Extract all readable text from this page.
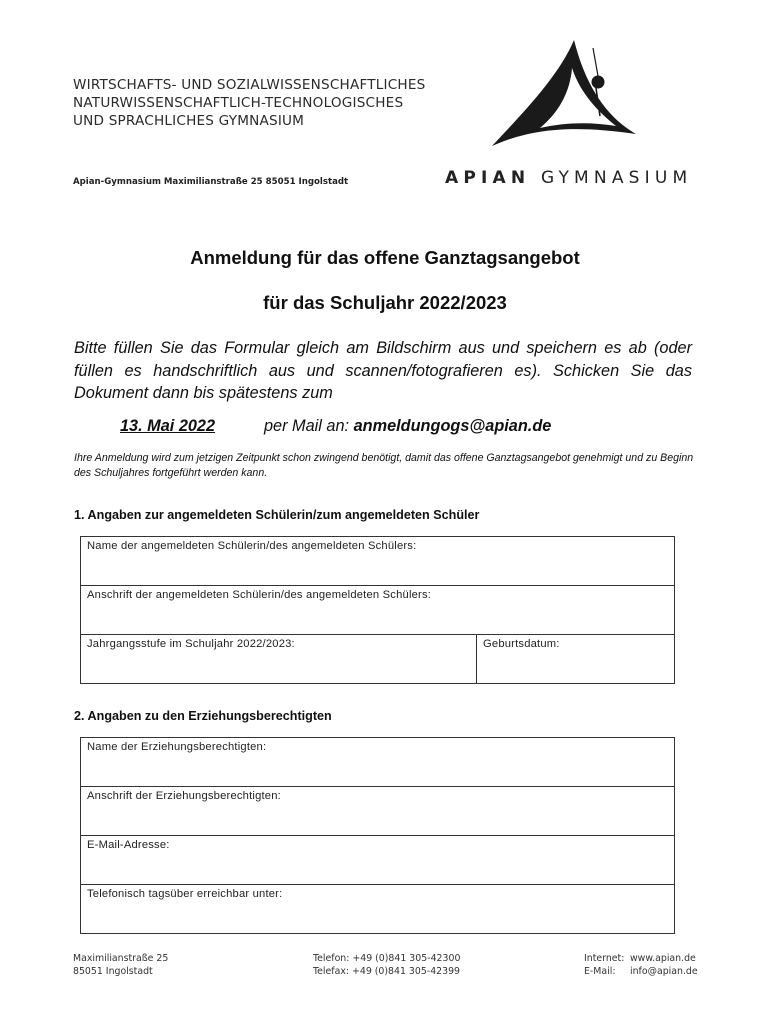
WIRTSCHAFTS- UND SOZIALWISSENSCHAFTLICHES
NATURWISSENSCHAFTLICH-TECHNOLOGISCHES
UND SPRACHLICHES GYMNASIUM
Apian-Gymnasium Maximilianstraße 25 85051 Ingolstadt	APIAN GYMNASIUM
Anmeldung für das offene Ganztagsangebot
für das Schuljahr 2022/2023
Bitte füllen Sie das Formular gleich am Bildschirm aus und speichern es ab (oder füllen es handschriftlich aus und scannen/fotografieren es). Schicken Sie das Dokument dann bis spätestens zum
13. Mai 2022	per Mail an: anmeldungogs@apian.de
Ihre Anmeldung wird zum jetzigen Zeitpunkt schon zwingend benötigt, damit das offene Ganztagsangebot genehmigt und zu Beginn des Schuljahres fortgeführt werden kann.
1. Angaben zur angemeldeten Schülerin/zum angemeldeten Schüler
Name der angemeldeten Schülerin/des angemeldeten Schülers:
Anschrift der angemeldeten Schülerin/des angemeldeten Schülers:
Jahrgangsstufe im Schuljahr 2022/2023:	Geburtsdatum:
2. Angaben zu den Erziehungsberechtigten
Name der Erziehungsberechtigten:
Anschrift der Erziehungsberechtigten:
E-Mail-Adresse:
Telefonisch tagsüber erreichbar unter:
Maximilianstraße 25
85051 Ingolstadt
Telefon: +49 (0)841 305-42300
Telefax: +49 (0)841 305-42399
Internet:
E-Mail:
www.apian.de
info@apian.de
